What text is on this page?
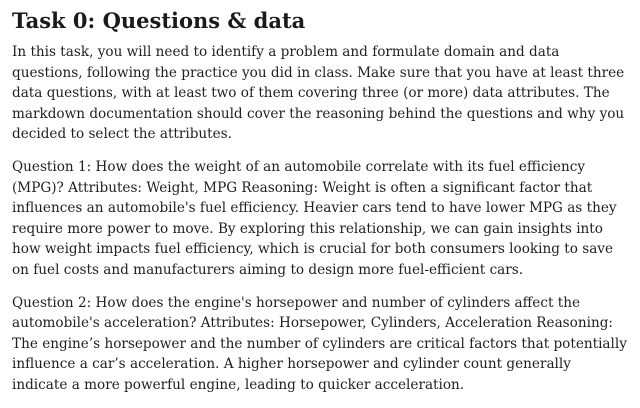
Task 0: Questions & data

In this task, you will need to identify a problem and formulate domain and data questions, following the practice you did in class. Make sure that you have at least three data questions, with at least two of them covering three (or more) data attributes. The markdown documentation should cover the reasoning behind the questions and why you decided to select the attributes.

Question 1: How does the weight of an automobile correlate with its fuel efficiency (MPG)? Attributes: Weight, MPG Reasoning: Weight is often a significant factor that influences an automobile's fuel efficiency. Heavier cars tend to have lower MPG as they require more power to move. By exploring this relationship, we can gain insights into how weight impacts fuel efficiency, which is crucial for both consumers looking to save on fuel costs and manufacturers aiming to design more fuel-efficient cars.

Question 2: How does the engine's horsepower and number of cylinders affect the automobile's acceleration? Attributes: Horsepower, Cylinders, Acceleration Reasoning: The engine’s horsepower and the number of cylinders are critical factors that potentially influence a car’s acceleration. A higher horsepower and cylinder count generally indicate a more powerful engine, leading to quicker acceleration.
